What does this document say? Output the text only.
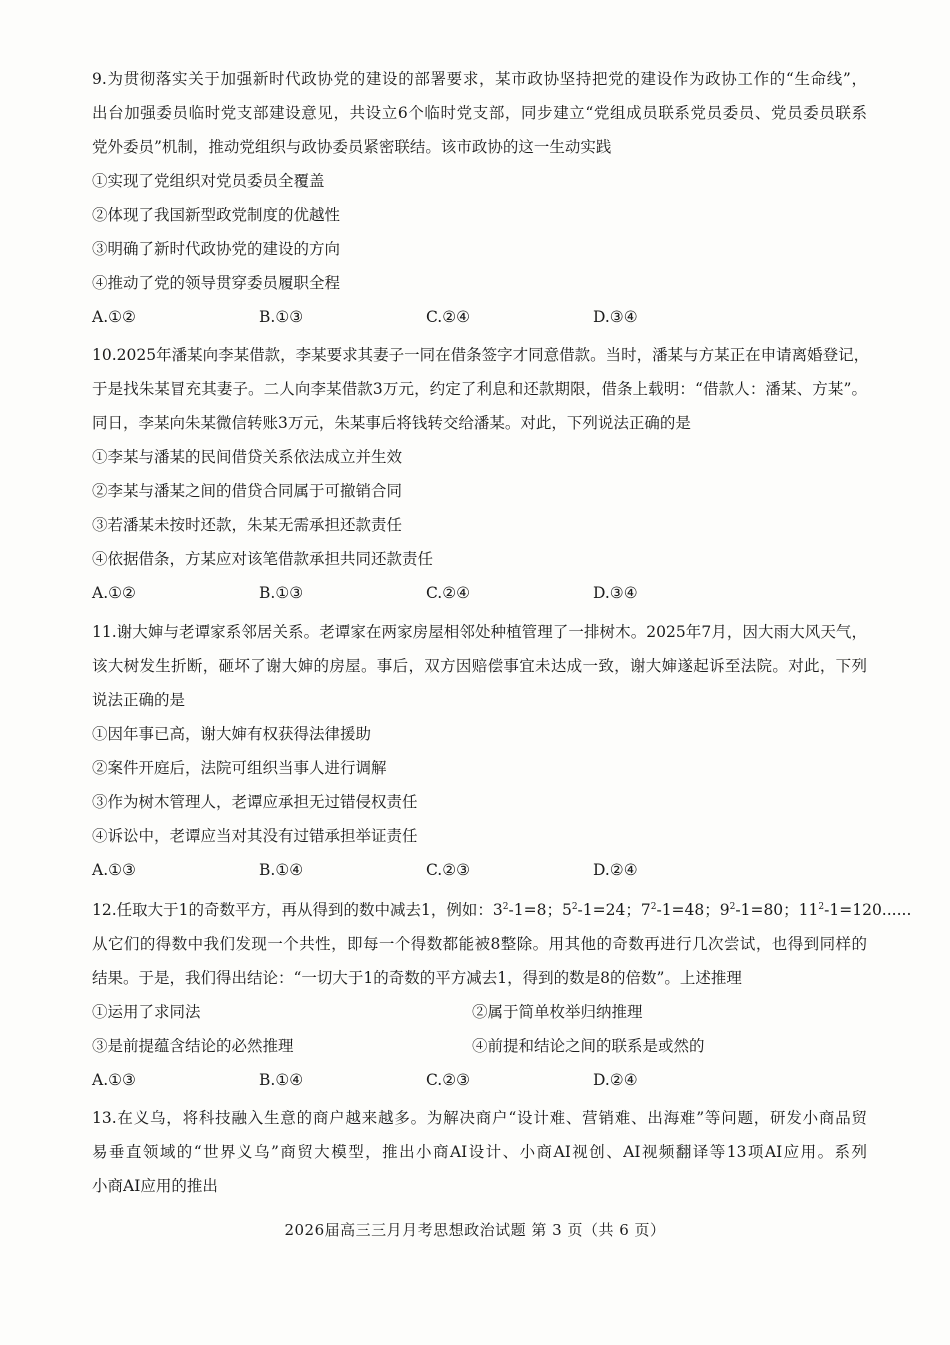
9.为贯彻落实关于加强新时代政协党的建设的部署要求，某市政协坚持把党的建设作为政协工作的“生命线”，
出台加强委员临时党支部建设意见，共设立6个临时党支部，同步建立“党组成员联系党员委员、党员委员联系
党外委员”机制，推动党组织与政协委员紧密联结。该市政协的这一生动实践
①实现了党组织对党员委员全覆盖
②体现了我国新型政党制度的优越性
③明确了新时代政协党的建设的方向
④推动了党的领导贯穿委员履职全程
A.①②	B.①③	C.②④	D.③④
10.2025年潘某向李某借款，李某要求其妻子一同在借条签字才同意借款。当时，潘某与方某正在申请离婚登记，
于是找朱某冒充其妻子。二人向李某借款3万元，约定了利息和还款期限，借条上载明：“借款人：潘某、方某”。
同日，李某向朱某微信转账3万元，朱某事后将钱转交给潘某。对此，下列说法正确的是
①李某与潘某的民间借贷关系依法成立并生效
②李某与潘某之间的借贷合同属于可撤销合同
③若潘某未按时还款，朱某无需承担还款责任
④依据借条，方某应对该笔借款承担共同还款责任
A.①②	B.①③	C.②④	D.③④
11.谢大婶与老谭家系邻居关系。老谭家在两家房屋相邻处种植管理了一排树木。2025年7月，因大雨大风天气，
该大树发生折断，砸坏了谢大婶的房屋。事后，双方因赔偿事宜未达成一致，谢大婶遂起诉至法院。对此，下列
说法正确的是
①因年事已高，谢大婶有权获得法律援助
②案件开庭后，法院可组织当事人进行调解
③作为树木管理人，老谭应承担无过错侵权责任
④诉讼中，老谭应当对其没有过错承担举证责任
A.①③	B.①④	C.②③	D.②④
12.任取大于1的奇数平方，再从得到的数中减去1，例如：$3^2-1=8$；$5^2-1=24$；$7^2-1=48$；$9^2-1=80$；$11^2-1=120$......
从它们的得数中我们发现一个共性，即每一个得数都能被8整除。用其他的奇数再进行几次尝试，也得到同样的
结果。于是，我们得出结论：“一切大于1的奇数的平方减去1，得到的数是8的倍数”。上述推理
①运用了求同法	②属于简单枚举归纳推理
③是前提蕴含结论的必然推理	④前提和结论之间的联系是或然的
A.①③	B.①④	C.②③	D.②④
13.在义乌，将科技融入生意的商户越来越多。为解决商户“设计难、营销难、出海难”等问题，研发小商品贸
易垂直领域的“世界义乌”商贸大模型，推出小商AI设计、小商AI视创、AI视频翻译等13项AI应用。系列
小商AI应用的推出
2026届高三三月月考思想政治试题 第 3 页（共 6 页）
